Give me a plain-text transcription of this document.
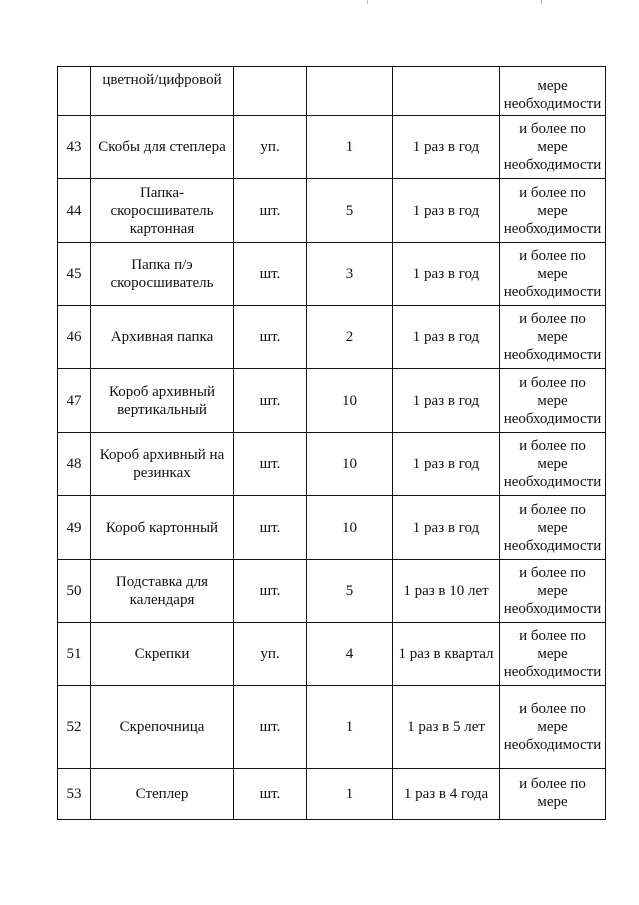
	цветной/цифровой				мере
необходимости

43	Скобы для степлера	уп.	1	1 раз в год	и более по
мере
необходимости

44	Папка-
скоросшиватель
картонная	шт.	5	1 раз в год	и более по
мере
необходимости

45	Папка п/э
скоросшиватель	шт.	3	1 раз в год	и более по
мере
необходимости

46	Архивная папка	шт.	2	1 раз в год	и более по
мере
необходимости

47	Короб архивный
вертикальный	шт.	10	1 раз в год	и более по
мере
необходимости

48	Короб архивный на
резинках	шт.	10	1 раз в год	и более по
мере
необходимости

49	Короб картонный	шт.	10	1 раз в год	и более по
мере
необходимости

50	Подставка для
календаря	шт.	5	1 раз в 10 лет	и более по
мере
необходимости

51	Скрепки	уп.	4	1 раз в квартал	и более по
мере
необходимости

52	Скрепочница	шт.	1	1 раз в 5 лет	и более по
мере
необходимости

53	Степлер	шт.	1	1 раз в 4 года	и более по
мере
